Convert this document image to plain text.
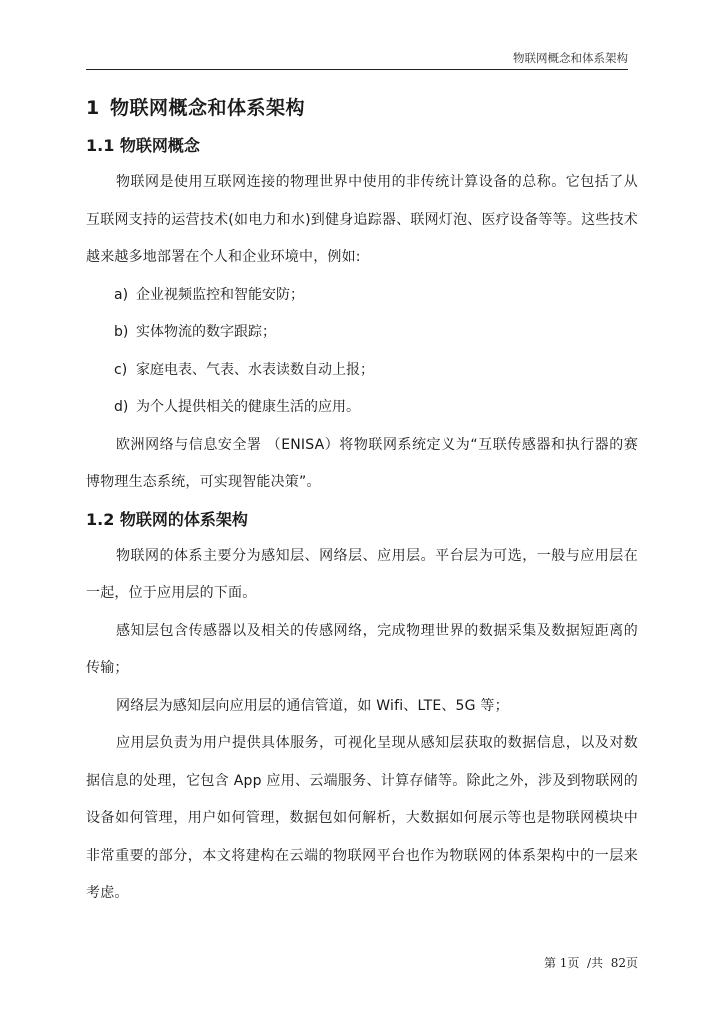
物联网概念和体系架构
1 物联网概念和体系架构
1.1 物联网概念

物联网是使用互联网连接的物理世界中使用的非传统计算设备的总称。它包括了从互联网支持的运营技术(如电力和水)到健身追踪器、联网灯泡、医疗设备等等。这些技术越来越多地部署在个人和企业环境中，例如:

a) 企业视频监控和智能安防；
b) 实体物流的数字跟踪；
c) 家庭电表、气表、水表读数自动上报；
d) 为个人提供相关的健康生活的应用。

欧洲网络与信息安全署 （ENISA）将物联网系统定义为“互联传感器和执行器的赛博物理生态系统，可实现智能决策”。

1.2 物联网的体系架构

物联网的体系主要分为感知层、网络层、应用层。平台层为可选，一般与应用层在一起，位于应用层的下面。

感知层包含传感器以及相关的传感网络，完成物理世界的数据采集及数据短距离的传输；

网络层为感知层向应用层的通信管道，如 Wifi、LTE、5G 等；

应用层负责为用户提供具体服务，可视化呈现从感知层获取的数据信息，以及对数据信息的处理，它包含 App 应用、云端服务、计算存储等。除此之外，涉及到物联网的设备如何管理，用户如何管理，数据包如何解析，大数据如何展示等也是物联网模块中非常重要的部分，本文将建构在云端的物联网平台也作为物联网的体系架构中的一层来考虑。

第 1页  /共  82页
